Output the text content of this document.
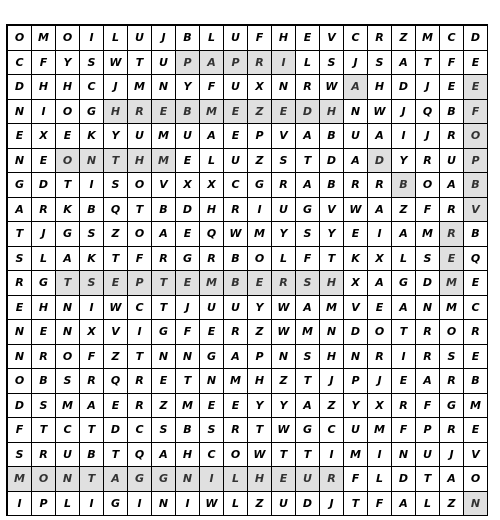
O	M	O	I	L	U	J	B	L	U	F	H	E	V	C	R	Z	M	C	D
C	F	Y	S	W	T	U	P	A	P	R	I	L	S	J	S	A	T	F	E
D	H	H	C	J	M	N	Y	F	U	X	N	R	W	A	H	D	J	E	E
N	I	O	G	H	R	E	B	M	E	Z	E	D	H	N	W	J	Q	B	F
E	X	E	K	Y	U	M	U	A	E	P	V	A	B	U	A	I	J	R	O
N	E	O	N	T	H	M	E	L	U	Z	S	T	D	A	D	Y	R	U	P
G	D	T	I	S	O	V	X	X	C	G	R	A	B	R	R	B	O	A	B
A	R	K	B	Q	T	B	D	H	R	I	U	G	V	W	A	Z	F	R	V
T	J	G	S	Z	O	A	E	Q	W	M	Y	S	Y	E	I	A	M	R	B
S	L	A	K	T	F	R	G	R	B	O	L	F	T	K	X	L	S	E	Q
R	G	T	S	E	P	T	E	M	B	E	R	S	H	X	A	G	D	M	E
E	H	N	I	W	C	T	J	U	U	Y	W	A	M	V	E	A	N	M	C
N	E	N	X	V	I	G	F	E	R	Z	W	M	N	D	O	T	R	O	R
N	R	O	F	Z	T	N	N	G	A	P	N	S	H	N	R	I	R	S	E
O	B	S	R	Q	R	E	T	N	M	H	Z	T	J	P	J	E	A	R	B
D	S	M	A	E	R	Z	M	E	E	Y	Y	A	Z	Y	X	R	F	G	M
F	T	C	T	D	C	S	B	S	R	T	W	G	C	U	M	F	P	R	E
S	R	U	B	T	Q	A	H	C	O	W	T	T	I	M	I	N	U	J	V
M	O	N	T	A	G	G	N	I	L	H	E	U	R	F	L	D	T	A	O
I	P	L	I	G	I	N	I	W	L	Z	U	D	J	T	F	A	L	Z	N
